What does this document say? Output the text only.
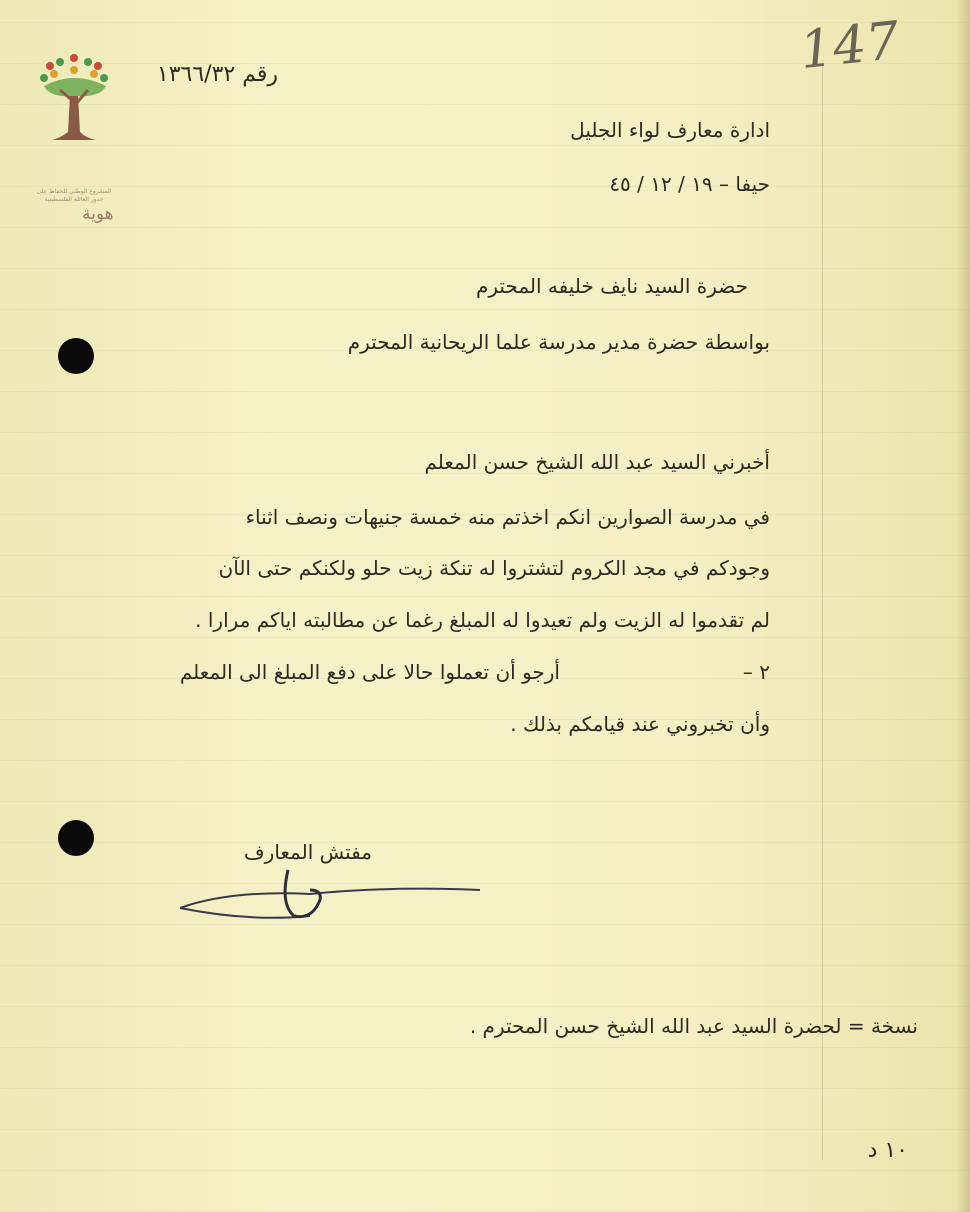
هوية
المشروع الوطني للحفاظ على
جذور العائلة الفلسطينية
رقم ١٣٦٦/٣٢	147
ادارة معارف لواء الجليل
حيفا – ١٩ / ١٢ / ٤٥
حضرة السيد نايف خليفه المحترم
بواسطة حضرة مدير مدرسة علما الريحانية المحترم
أخبرني السيد عبد الله الشيخ حسن المعلم
في مدرسة الصوارين انكم اخذتم منه خمسة جنيهات ونصف اثناء
وجودكم في مجد الكروم لتشتروا له تنكة زيت حلو ولكنكم حتى الآن
لم تقدموا له الزيت ولم تعيدوا له المبلغ رغما عن مطالبته اياكم مرارا .
٢ –
أرجو أن تعملوا حالا على دفع المبلغ الى المعلم
وأن تخبروني عند قيامكم بذلك .
مفتش المعارف
نسخة = لحضرة السيد عبد الله الشيخ حسن المحترم .
١٠ د
